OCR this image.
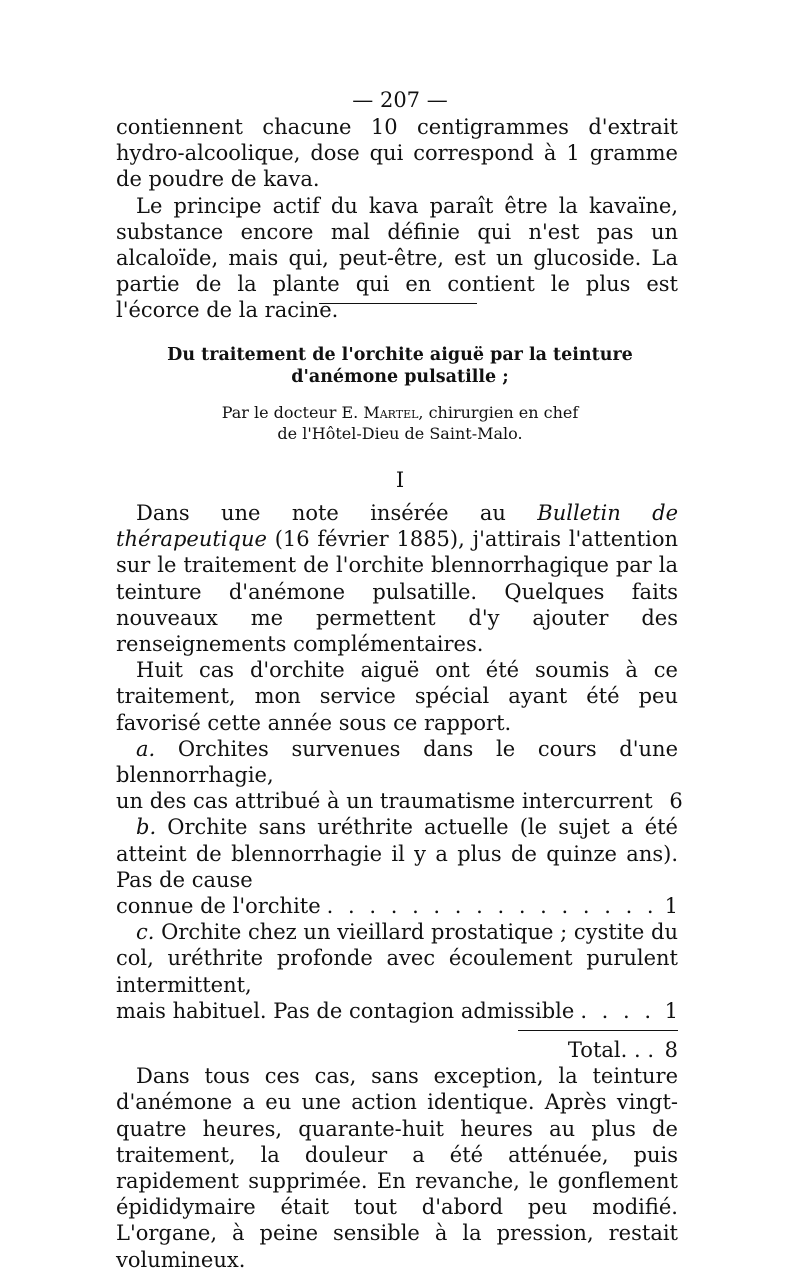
— 207 —

contiennent chacune 10 centigrammes d'extrait hydro-alcoolique, dose qui correspond à 1 gramme de poudre de kava.

Le principe actif du kava paraît être la kavaïne, substance encore mal définie qui n'est pas un alcaloïde, mais qui, peut-être, est un glucoside. La partie de la plante qui en contient le plus est l'écorce de la racine.

Du traitement de l'orchite aiguë par la teinture
d'anémone pulsatille ;
Par le docteur E. Martel, chirurgien en chef
de l'Hôtel-Dieu de Saint-Malo.
I

Dans une note insérée au Bulletin de thérapeutique (16 février 1885), j'attirais l'attention sur le traitement de l'orchite blennorrhagique par la teinture d'anémone pulsatille. Quelques faits nouveaux me permettent d'y ajouter des renseignements complémentaires.

Huit cas d'orchite aiguë ont été soumis à ce traitement, mon service spécial ayant été peu favorisé cette année sous ce rapport.

a. Orchites survenues dans le cours d'une blennorrhagie,

un des cas attribué à un traumatisme intercurrent . . . 6

b. Orchite sans uréthrite actuelle (le sujet a été atteint de blennorrhagie il y a plus de quinze ans). Pas de cause

connue de l'orchite . . .	1

c. Orchite chez un vieillard prostatique ; cystite du col, uréthrite profonde avec écoulement purulent intermittent,

mais habituel. Pas de contagion admissible . . .	1
Total. . . 8

Dans tous ces cas, sans exception, la teinture d'anémone a eu une action identique. Après vingt-quatre heures, quarante-huit heures au plus de traitement, la douleur a été atténuée, puis rapidement supprimée. En revanche, le gonflement épididymaire était tout d'abord peu modifié. L'organe, à peine sensible à la pression, restait volumineux.
